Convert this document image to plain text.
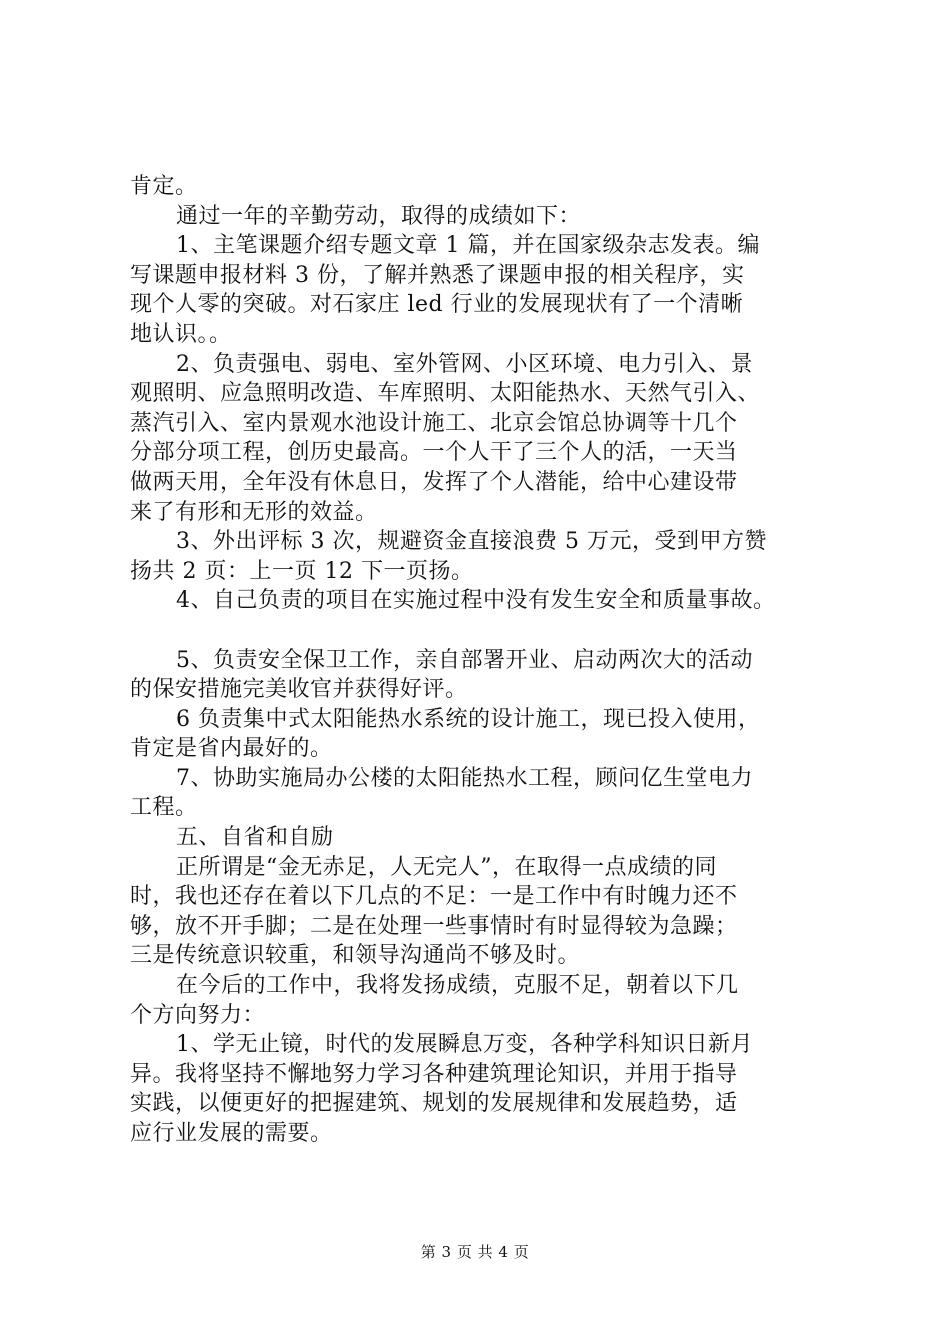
肯定。
通过一年的辛勤劳动，取得的成绩如下：
1、主笔课题介绍专题文章 1 篇，并在国家级杂志发表。编
写课题申报材料 3 份，了解并熟悉了课题申报的相关程序，实
现个人零的突破。对石家庄 led 行业的发展现状有了一个清晰
地认识。。
2、负责强电、弱电、室外管网、小区环境、电力引入、景
观照明、应急照明改造、车库照明、太阳能热水、天然气引入、
蒸汽引入、室内景观水池设计施工、北京会馆总协调等十几个
分部分项工程，创历史最高。一个人干了三个人的活，一天当
做两天用，全年没有休息日，发挥了个人潜能，给中心建设带
来了有形和无形的效益。
3、外出评标 3 次，规避资金直接浪费 5 万元，受到甲方赞
扬共 2 页：上一页 12 下一页扬。
4、自己负责的项目在实施过程中没有发生安全和质量事故。
5、负责安全保卫工作，亲自部署开业、启动两次大的活动
的保安措施完美收官并获得好评。
6 负责集中式太阳能热水系统的设计施工，现已投入使用，
肯定是省内最好的。
7、协助实施局办公楼的太阳能热水工程，顾问亿生堂电力
工程。
五、自省和自励
正所谓是“金无赤足，人无完人”，在取得一点成绩的同
时，我也还存在着以下几点的不足：一是工作中有时魄力还不
够，放不开手脚；二是在处理一些事情时有时显得较为急躁；
三是传统意识较重，和领导沟通尚不够及时。
在今后的工作中，我将发扬成绩，克服不足，朝着以下几
个方向努力：
1、学无止镜，时代的发展瞬息万变，各种学科知识日新月
异。我将坚持不懈地努力学习各种建筑理论知识，并用于指导
实践，以便更好的把握建筑、规划的发展规律和发展趋势，适
应行业发展的需要。
第 3 页 共 4 页
